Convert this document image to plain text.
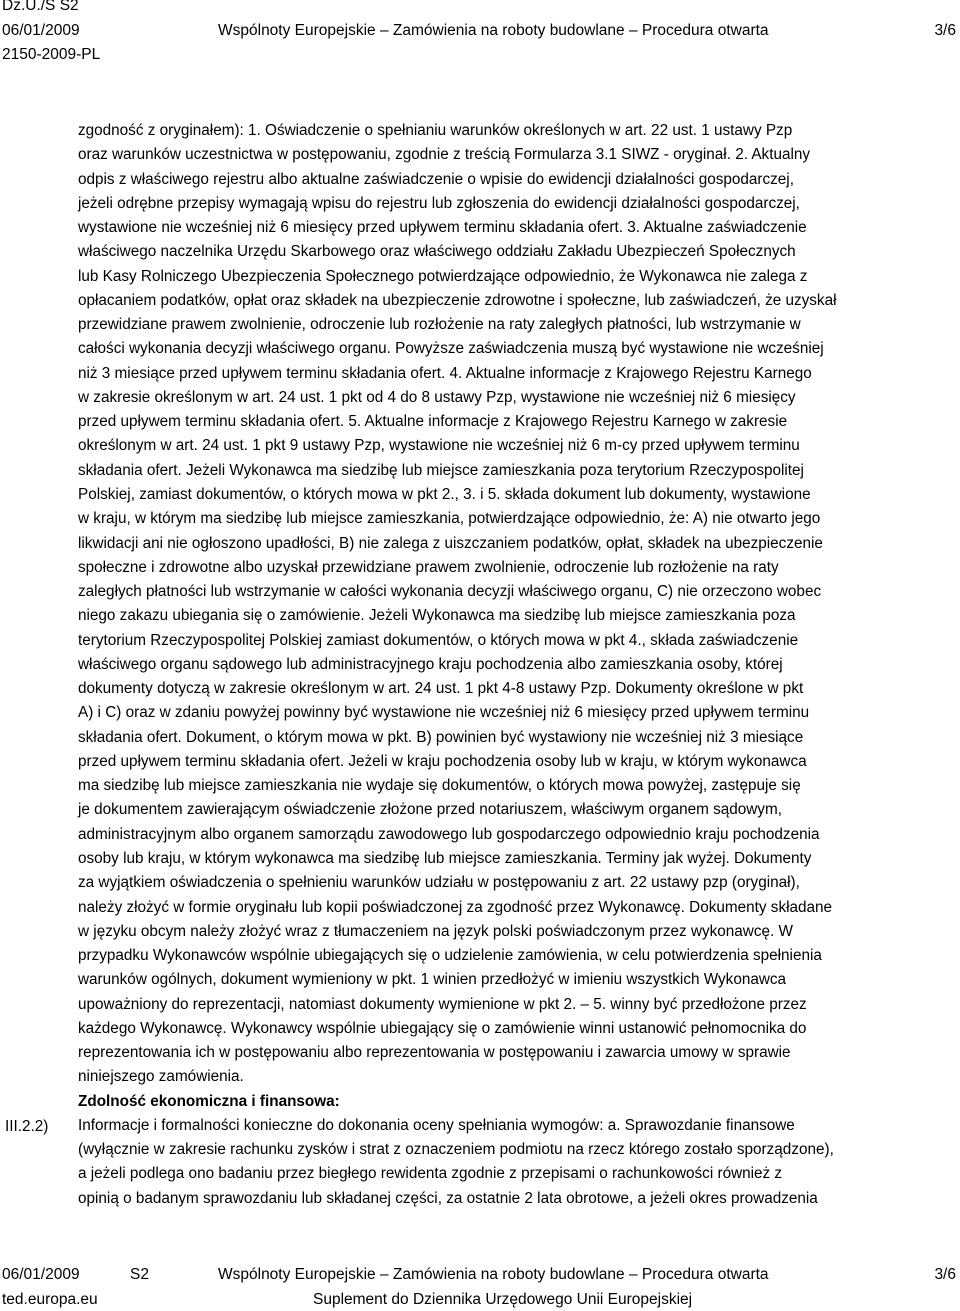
Dz.U./S S2
06/01/2009	Wspólnoty Europejskie – Zamówienia na roboty budowlane – Procedura otwarta	3/6
2150-2009-PL
III.2.2)
zgodność z oryginałem): 1. Oświadczenie o spełnianiu warunków określonych w art. 22 ust. 1 ustawy Pzp
oraz warunków uczestnictwa w postępowaniu, zgodnie z treścią Formularza 3.1 SIWZ - oryginał. 2. Aktualny
odpis z właściwego rejestru albo aktualne zaświadczenie o wpisie do ewidencji działalności gospodarczej,
jeżeli odrębne przepisy wymagają wpisu do rejestru lub zgłoszenia do ewidencji działalności gospodarczej,
wystawione nie wcześniej niż 6 miesięcy przed upływem terminu składania ofert. 3. Aktualne zaświadczenie
właściwego naczelnika Urzędu Skarbowego oraz właściwego oddziału Zakładu Ubezpieczeń Społecznych
lub Kasy Rolniczego Ubezpieczenia Społecznego potwierdzające odpowiednio, że Wykonawca nie zalega z
opłacaniem podatków, opłat oraz składek na ubezpieczenie zdrowotne i społeczne, lub zaświadczeń, że uzyskał
przewidziane prawem zwolnienie, odroczenie lub rozłożenie na raty zaległych płatności, lub wstrzymanie w
całości wykonania decyzji właściwego organu. Powyższe zaświadczenia muszą być wystawione nie wcześniej
niż 3 miesiące przed upływem terminu składania ofert. 4. Aktualne informacje z Krajowego Rejestru Karnego
w zakresie określonym w art. 24 ust. 1 pkt od 4 do 8 ustawy Pzp, wystawione nie wcześniej niż 6 miesięcy
przed upływem terminu składania ofert. 5. Aktualne informacje z Krajowego Rejestru Karnego w zakresie
określonym w art. 24 ust. 1 pkt 9 ustawy Pzp, wystawione nie wcześniej niż 6 m-cy przed upływem terminu
składania ofert. Jeżeli Wykonawca ma siedzibę lub miejsce zamieszkania poza terytorium Rzeczypospolitej
Polskiej, zamiast dokumentów, o których mowa w pkt 2., 3. i 5. składa dokument lub dokumenty, wystawione
w kraju, w którym ma siedzibę lub miejsce zamieszkania, potwierdzające odpowiednio, że: A) nie otwarto jego
likwidacji ani nie ogłoszono upadłości, B) nie zalega z uiszczaniem podatków, opłat, składek na ubezpieczenie
społeczne i zdrowotne albo uzyskał przewidziane prawem zwolnienie, odroczenie lub rozłożenie na raty
zaległych płatności lub wstrzymanie w całości wykonania decyzji właściwego organu, C) nie orzeczono wobec
niego zakazu ubiegania się o zamówienie. Jeżeli Wykonawca ma siedzibę lub miejsce zamieszkania poza
terytorium Rzeczypospolitej Polskiej zamiast dokumentów, o których mowa w pkt 4., składa zaświadczenie
właściwego organu sądowego lub administracyjnego kraju pochodzenia albo zamieszkania osoby, której
dokumenty dotyczą w zakresie określonym w art. 24 ust. 1 pkt 4-8 ustawy Pzp. Dokumenty określone w pkt
A) i C) oraz w zdaniu powyżej powinny być wystawione nie wcześniej niż 6 miesięcy przed upływem terminu
składania ofert. Dokument, o którym mowa w pkt. B) powinien być wystawiony nie wcześniej niż 3 miesiące
przed upływem terminu składania ofert. Jeżeli w kraju pochodzenia osoby lub w kraju, w którym wykonawca
ma siedzibę lub miejsce zamieszkania nie wydaje się dokumentów, o których mowa powyżej, zastępuje się
je dokumentem zawierającym oświadczenie złożone przed notariuszem, właściwym organem sądowym,
administracyjnym albo organem samorządu zawodowego lub gospodarczego odpowiednio kraju pochodzenia
osoby lub kraju, w którym wykonawca ma siedzibę lub miejsce zamieszkania. Terminy jak wyżej. Dokumenty
za wyjątkiem oświadczenia o spełnieniu warunków udziału w postępowaniu z art. 22 ustawy pzp (oryginał),
należy złożyć w formie oryginału lub kopii poświadczonej za zgodność przez Wykonawcę. Dokumenty składane
w języku obcym należy złożyć wraz z tłumaczeniem na język polski poświadczonym przez wykonawcę. W
przypadku Wykonawców wspólnie ubiegających się o udzielenie zamówienia, w celu potwierdzenia spełnienia
warunków ogólnych, dokument wymieniony w pkt. 1 winien przedłożyć w imieniu wszystkich Wykonawca
upoważniony do reprezentacji, natomiast dokumenty wymienione w pkt 2. – 5. winny być przedłożone przez
każdego Wykonawcę. Wykonawcy wspólnie ubiegający się o zamówienie winni ustanowić pełnomocnika do
reprezentowania ich w postępowaniu albo reprezentowania w postępowaniu i zawarcia umowy w sprawie
niniejszego zamówienia.
Zdolność ekonomiczna i finansowa:
Informacje i formalności konieczne do dokonania oceny spełniania wymogów: a. Sprawozdanie finansowe
(wyłącznie w zakresie rachunku zysków i strat z oznaczeniem podmiotu na rzecz którego zostało sporządzone),
a jeżeli podlega ono badaniu przez biegłego rewidenta zgodnie z przepisami o rachunkowości również z
opinią o badanym sprawozdaniu lub składanej części, za ostatnie 2 lata obrotowe, a jeżeli okres prowadzenia
06/01/2009	S2	Wspólnoty Europejskie – Zamówienia na roboty budowlane – Procedura otwarta	3/6
ted.europa.eu	Suplement do Dziennika Urzędowego Unii Europejskiej
